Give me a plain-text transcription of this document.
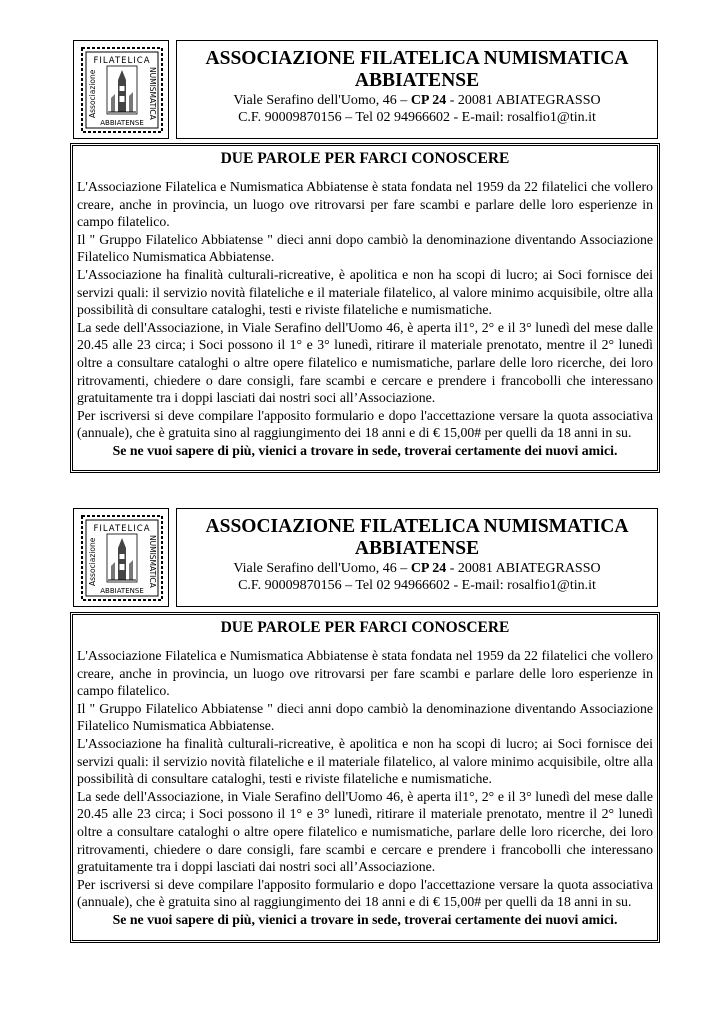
FILATELICA
ABBIATENSE
Associazione	NUMISMATICA
ASSOCIAZIONE FILATELICA NUMISMATICA ABBIATENSE
Viale Serafino dell'Uomo, 46 – CP 24 - 20081 ABIATEGRASSO
C.F. 90009870156 – Tel 02 94966602 - E-mail: rosalfio1@tin.it
DUE PAROLE PER FARCI CONOSCERE

L'Associazione Filatelica e Numismatica Abbiatense è stata fondata nel 1959 da 22 filatelici che vollero creare, anche in provincia, un luogo ove ritrovarsi per fare scambi e parlare delle loro esperienze in campo filatelico.

Il " Gruppo Filatelico Abbiatense " dieci anni dopo cambiò la denominazione diventando Associazione Filatelico Numismatica Abbiatense.

L'Associazione ha finalità culturali-ricreative, è apolitica e non ha scopi di lucro; ai Soci fornisce dei servizi quali: il servizio novità filateliche e il materiale filatelico, al valore minimo acquisibile, oltre alla possibilità di consultare cataloghi, testi e riviste filateliche e numismatiche.

La sede dell'Associazione, in Viale Serafino dell'Uomo 46, è aperta il1°, 2° e il 3° lunedì del mese dalle 20.45 alle 23 circa; i Soci possono il 1° e 3° lunedì, ritirare il materiale prenotato, mentre il 2° lunedì oltre a consultare cataloghi o altre opere filatelico e numismatiche, parlare delle loro ricerche, dei loro ritrovamenti, chiedere o dare consigli, fare scambi e cercare e prendere i francobolli che interessano gratuitamente tra i doppi lasciati dai nostri soci all’Associazione.

Per iscriversi si deve compilare l'apposito formulario e dopo l'accettazione versare la quota associativa (annuale), che è gratuita sino al raggiungimento dei 18 anni e di € 15,00# per quelli da 18 anni in su.

Se ne vuoi sapere di più, vienici a trovare in sede, troverai certamente dei nuovi amici.

FILATELICA
ABBIATENSE
Associazione	NUMISMATICA
ASSOCIAZIONE FILATELICA NUMISMATICA ABBIATENSE
Viale Serafino dell'Uomo, 46 – CP 24 - 20081 ABIATEGRASSO
C.F. 90009870156 – Tel 02 94966602 - E-mail: rosalfio1@tin.it
DUE PAROLE PER FARCI CONOSCERE

L'Associazione Filatelica e Numismatica Abbiatense è stata fondata nel 1959 da 22 filatelici che vollero creare, anche in provincia, un luogo ove ritrovarsi per fare scambi e parlare delle loro esperienze in campo filatelico.

Il " Gruppo Filatelico Abbiatense " dieci anni dopo cambiò la denominazione diventando Associazione Filatelico Numismatica Abbiatense.

L'Associazione ha finalità culturali-ricreative, è apolitica e non ha scopi di lucro; ai Soci fornisce dei servizi quali: il servizio novità filateliche e il materiale filatelico, al valore minimo acquisibile, oltre alla possibilità di consultare cataloghi, testi e riviste filateliche e numismatiche.

La sede dell'Associazione, in Viale Serafino dell'Uomo 46, è aperta il1°, 2° e il 3° lunedì del mese dalle 20.45 alle 23 circa; i Soci possono il 1° e 3° lunedì, ritirare il materiale prenotato, mentre il 2° lunedì oltre a consultare cataloghi o altre opere filatelico e numismatiche, parlare delle loro ricerche, dei loro ritrovamenti, chiedere o dare consigli, fare scambi e cercare e prendere i francobolli che interessano gratuitamente tra i doppi lasciati dai nostri soci all’Associazione.

Per iscriversi si deve compilare l'apposito formulario e dopo l'accettazione versare la quota associativa (annuale), che è gratuita sino al raggiungimento dei 18 anni e di € 15,00# per quelli da 18 anni in su.

Se ne vuoi sapere di più, vienici a trovare in sede, troverai certamente dei nuovi amici.
